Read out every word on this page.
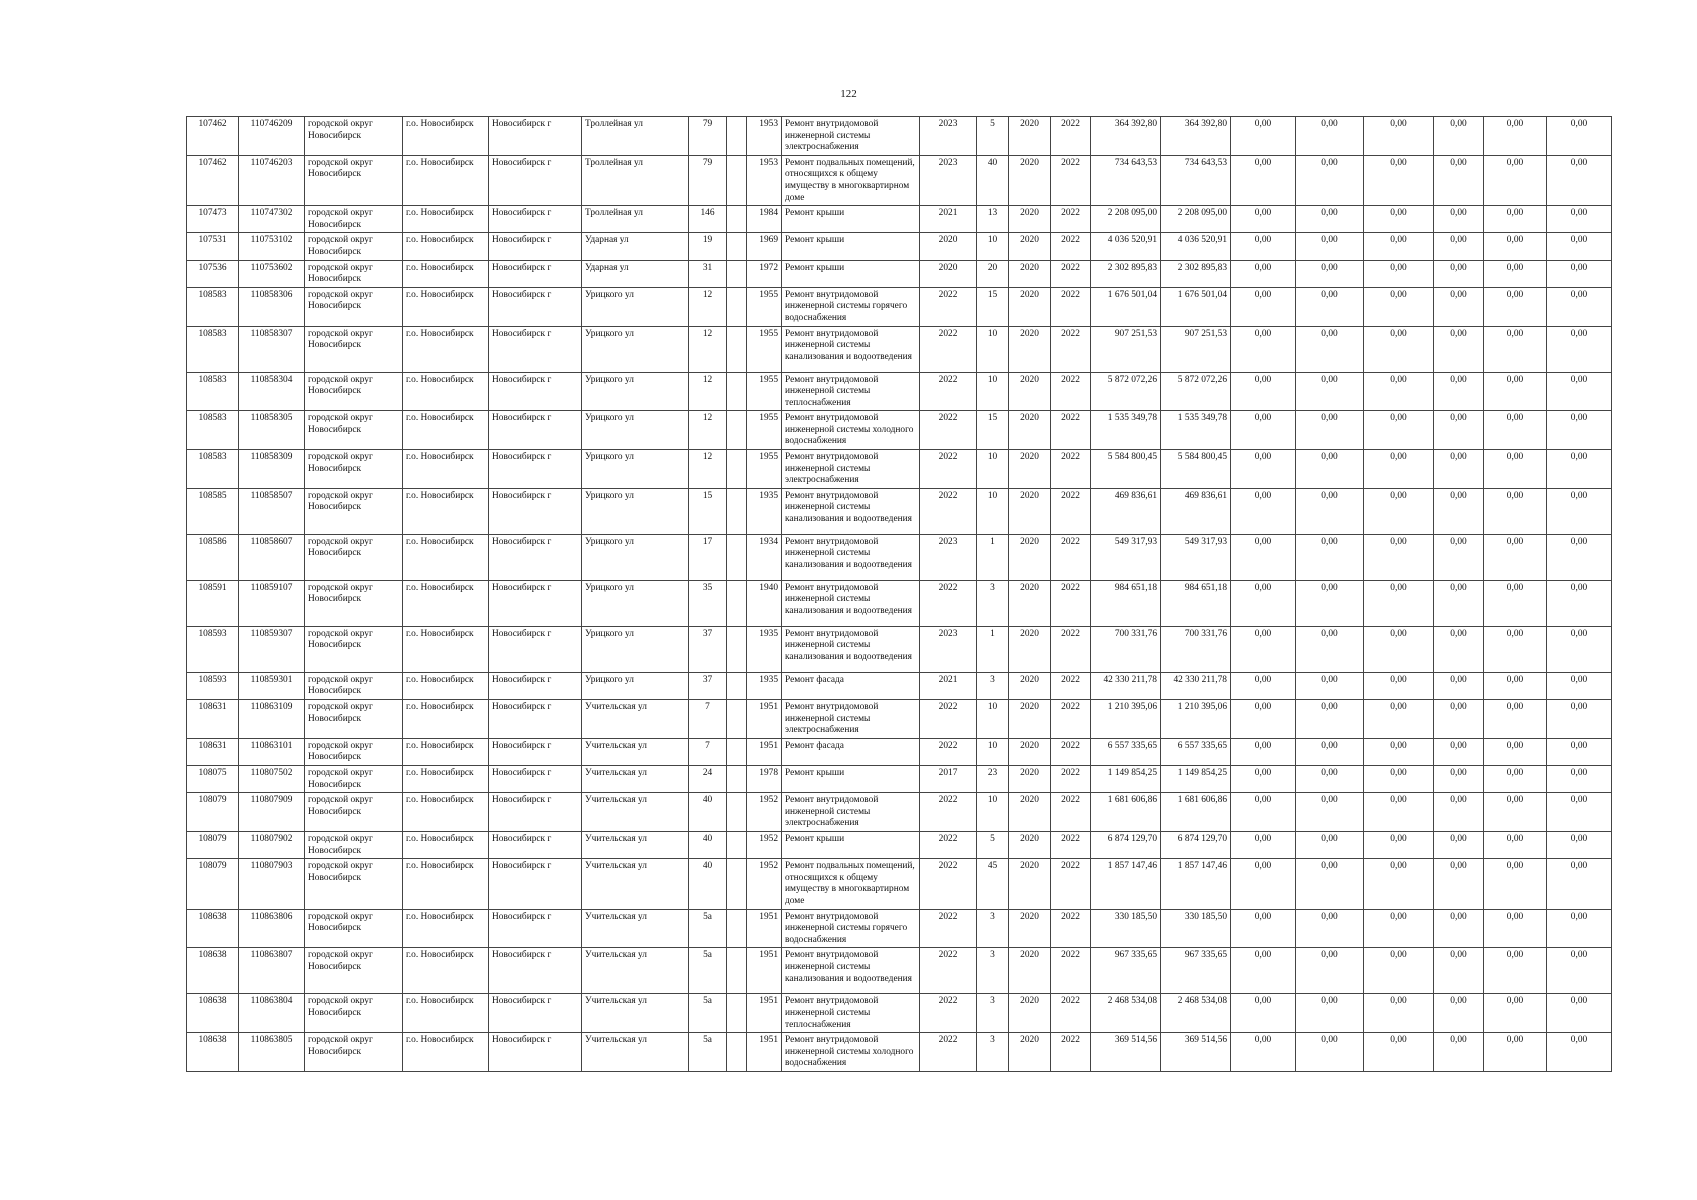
122
107462	110746209	городской округ Новосибирск	г.о. Новосибирск	Новосибирск г	Троллейная ул	79		1953	Ремонт внутридомовой инженерной системы электроснабжения	2023	5	2020	2022	364 392,80	364 392,80	0,00	0,00	0,00	0,00	0,00	0,00
107462	110746203	городской округ Новосибирск	г.о. Новосибирск	Новосибирск г	Троллейная ул	79		1953	Ремонт подвальных помещений, относящихся к общему имуществу в многоквартирном доме	2023	40	2020	2022	734 643,53	734 643,53	0,00	0,00	0,00	0,00	0,00	0,00
107473	110747302	городской округ Новосибирск	г.о. Новосибирск	Новосибирск г	Троллейная ул	146		1984	Ремонт крыши	2021	13	2020	2022	2 208 095,00	2 208 095,00	0,00	0,00	0,00	0,00	0,00	0,00
107531	110753102	городской округ Новосибирск	г.о. Новосибирск	Новосибирск г	Ударная ул	19		1969	Ремонт крыши	2020	10	2020	2022	4 036 520,91	4 036 520,91	0,00	0,00	0,00	0,00	0,00	0,00
107536	110753602	городской округ Новосибирск	г.о. Новосибирск	Новосибирск г	Ударная ул	31		1972	Ремонт крыши	2020	20	2020	2022	2 302 895,83	2 302 895,83	0,00	0,00	0,00	0,00	0,00	0,00
108583	110858306	городской округ Новосибирск	г.о. Новосибирск	Новосибирск г	Урицкого ул	12		1955	Ремонт внутридомовой инженерной системы горячего водоснабжения	2022	15	2020	2022	1 676 501,04	1 676 501,04	0,00	0,00	0,00	0,00	0,00	0,00
108583	110858307	городской округ Новосибирск	г.о. Новосибирск	Новосибирск г	Урицкого ул	12		1955	Ремонт внутридомовой инженерной системы канализования и водоотведения	2022	10	2020	2022	907 251,53	907 251,53	0,00	0,00	0,00	0,00	0,00	0,00
108583	110858304	городской округ Новосибирск	г.о. Новосибирск	Новосибирск г	Урицкого ул	12		1955	Ремонт внутридомовой инженерной системы теплоснабжения	2022	10	2020	2022	5 872 072,26	5 872 072,26	0,00	0,00	0,00	0,00	0,00	0,00
108583	110858305	городской округ Новосибирск	г.о. Новосибирск	Новосибирск г	Урицкого ул	12		1955	Ремонт внутридомовой инженерной системы холодного водоснабжения	2022	15	2020	2022	1 535 349,78	1 535 349,78	0,00	0,00	0,00	0,00	0,00	0,00
108583	110858309	городской округ Новосибирск	г.о. Новосибирск	Новосибирск г	Урицкого ул	12		1955	Ремонт внутридомовой инженерной системы электроснабжения	2022	10	2020	2022	5 584 800,45	5 584 800,45	0,00	0,00	0,00	0,00	0,00	0,00
108585	110858507	городской округ Новосибирск	г.о. Новосибирск	Новосибирск г	Урицкого ул	15		1935	Ремонт внутридомовой инженерной системы канализования и водоотведения	2022	10	2020	2022	469 836,61	469 836,61	0,00	0,00	0,00	0,00	0,00	0,00
108586	110858607	городской округ Новосибирск	г.о. Новосибирск	Новосибирск г	Урицкого ул	17		1934	Ремонт внутридомовой инженерной системы канализования и водоотведения	2023	1	2020	2022	549 317,93	549 317,93	0,00	0,00	0,00	0,00	0,00	0,00
108591	110859107	городской округ Новосибирск	г.о. Новосибирск	Новосибирск г	Урицкого ул	35		1940	Ремонт внутридомовой инженерной системы канализования и водоотведения	2022	3	2020	2022	984 651,18	984 651,18	0,00	0,00	0,00	0,00	0,00	0,00
108593	110859307	городской округ Новосибирск	г.о. Новосибирск	Новосибирск г	Урицкого ул	37		1935	Ремонт внутридомовой инженерной системы канализования и водоотведения	2023	1	2020	2022	700 331,76	700 331,76	0,00	0,00	0,00	0,00	0,00	0,00
108593	110859301	городской округ Новосибирск	г.о. Новосибирск	Новосибирск г	Урицкого ул	37		1935	Ремонт фасада	2021	3	2020	2022	42 330 211,78	42 330 211,78	0,00	0,00	0,00	0,00	0,00	0,00
108631	110863109	городской округ Новосибирск	г.о. Новосибирск	Новосибирск г	Учительская ул	7		1951	Ремонт внутридомовой инженерной системы электроснабжения	2022	10	2020	2022	1 210 395,06	1 210 395,06	0,00	0,00	0,00	0,00	0,00	0,00
108631	110863101	городской округ Новосибирск	г.о. Новосибирск	Новосибирск г	Учительская ул	7		1951	Ремонт фасада	2022	10	2020	2022	6 557 335,65	6 557 335,65	0,00	0,00	0,00	0,00	0,00	0,00
108075	110807502	городской округ Новосибирск	г.о. Новосибирск	Новосибирск г	Учительская ул	24		1978	Ремонт крыши	2017	23	2020	2022	1 149 854,25	1 149 854,25	0,00	0,00	0,00	0,00	0,00	0,00
108079	110807909	городской округ Новосибирск	г.о. Новосибирск	Новосибирск г	Учительская ул	40		1952	Ремонт внутридомовой инженерной системы электроснабжения	2022	10	2020	2022	1 681 606,86	1 681 606,86	0,00	0,00	0,00	0,00	0,00	0,00
108079	110807902	городской округ Новосибирск	г.о. Новосибирск	Новосибирск г	Учительская ул	40		1952	Ремонт крыши	2022	5	2020	2022	6 874 129,70	6 874 129,70	0,00	0,00	0,00	0,00	0,00	0,00
108079	110807903	городской округ Новосибирск	г.о. Новосибирск	Новосибирск г	Учительская ул	40		1952	Ремонт подвальных помещений, относящихся к общему имуществу в многоквартирном доме	2022	45	2020	2022	1 857 147,46	1 857 147,46	0,00	0,00	0,00	0,00	0,00	0,00
108638	110863806	городской округ Новосибирск	г.о. Новосибирск	Новосибирск г	Учительская ул	5а		1951	Ремонт внутридомовой инженерной системы горячего водоснабжения	2022	3	2020	2022	330 185,50	330 185,50	0,00	0,00	0,00	0,00	0,00	0,00
108638	110863807	городской округ Новосибирск	г.о. Новосибирск	Новосибирск г	Учительская ул	5а		1951	Ремонт внутридомовой инженерной системы канализования и водоотведения	2022	3	2020	2022	967 335,65	967 335,65	0,00	0,00	0,00	0,00	0,00	0,00
108638	110863804	городской округ Новосибирск	г.о. Новосибирск	Новосибирск г	Учительская ул	5а		1951	Ремонт внутридомовой инженерной системы теплоснабжения	2022	3	2020	2022	2 468 534,08	2 468 534,08	0,00	0,00	0,00	0,00	0,00	0,00
108638	110863805	городской округ Новосибирск	г.о. Новосибирск	Новосибирск г	Учительская ул	5а		1951	Ремонт внутридомовой инженерной системы холодного водоснабжения	2022	3	2020	2022	369 514,56	369 514,56	0,00	0,00	0,00	0,00	0,00	0,00
